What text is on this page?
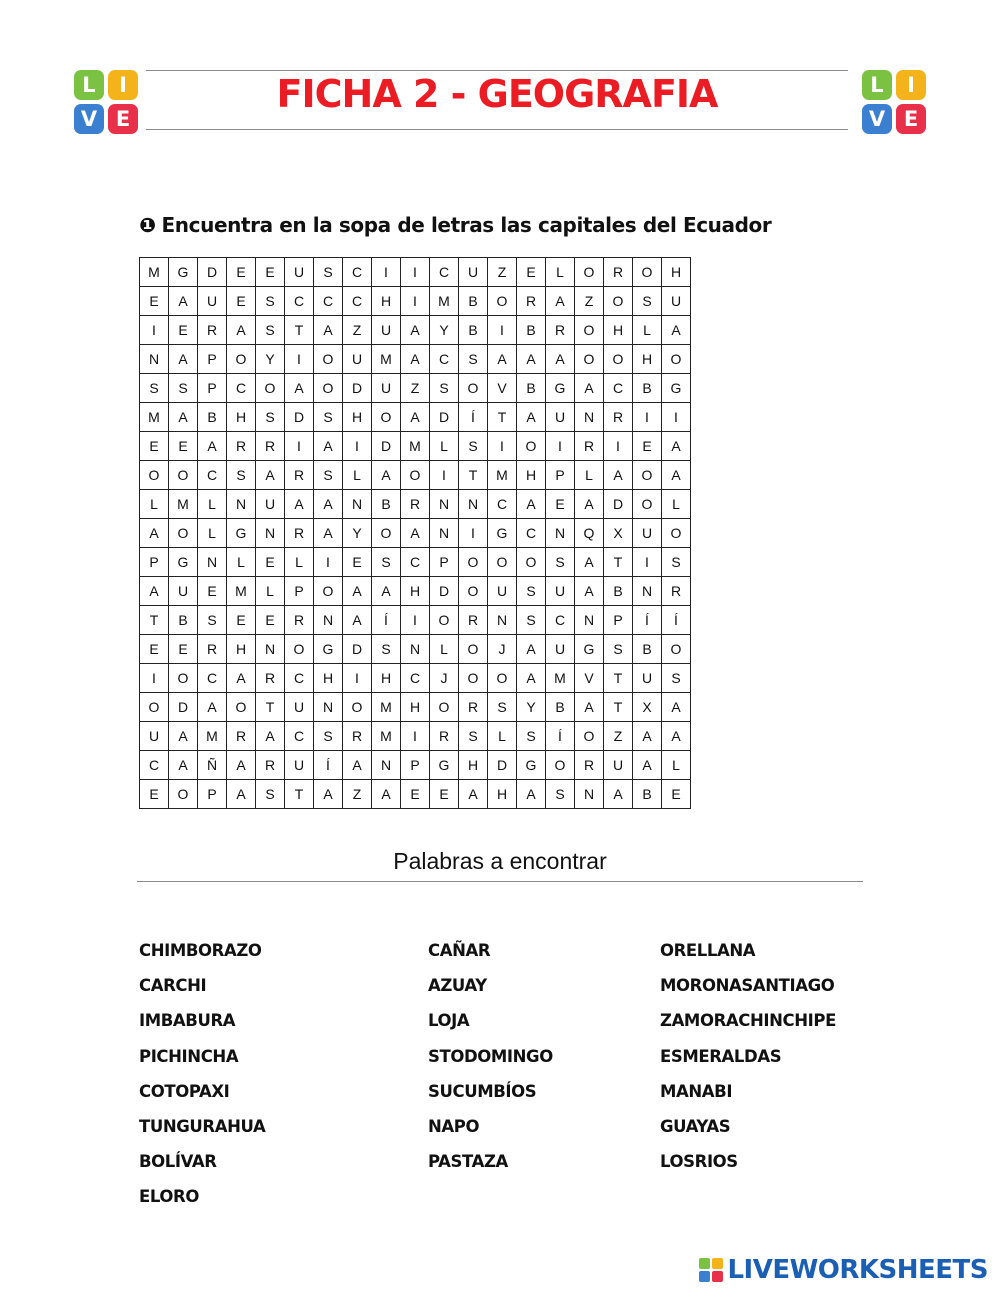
L	I
V E
L	I
V E
FICHA 2 - GEOGRAFIA
❶ Encuentra en la sopa de letras las capitales del Ecuador
M	G	D	E	E	U	S	C	I	I	C	U	Z	E	L	O	R	O	H
E	A	U	E	S	C	C	C	H	I	M	B	O	R	A	Z	O	S	U
I	E	R	A	S	T	A	Z	U	A	Y	B	I	B	R	O	H	L	A
N	A	P	O	Y	I	O	U	M	A	C	S	A	A	A	O	O	H	O
S	S	P	C	O	A	O	D	U	Z	S	O	V	B	G	A	C	B	G
M	A	B	H	S	D	S	H	O	A	D	Í	T	A	U	N	R	I	I
E	E	A	R	R	I	A	I	D	M	L	S	I	O	I	R	I	E	A
O	O	C	S	A	R	S	L	A	O	I	T	M	H	P	L	A	O	A
L	M	L	N	U	A	A	N	B	R	N	N	C	A	E	A	D	O	L
A	O	L	G	N	R	A	Y	O	A	N	I	G	C	N	Q	X	U	O
P	G	N	L	E	L	I	E	S	C	P	O	O	O	S	A	T	I	S
A	U	E	M	L	P	O	A	A	H	D	O	U	S	U	A	B	N	R
T	B	S	E	E	R	N	A	Í	I	O	R	N	S	C	N	P	Í	Í
E	E	R	H	N	O	G	D	S	N	L	O	J	A	U	G	S	B	O
I	O	C	A	R	C	H	I	H	C	J	O	O	A	M	V	T	U	S
O	D	A	O	T	U	N	O	M	H	O	R	S	Y	B	A	T	X	A
U	A	M	R	A	C	S	R	M	I	R	S	L	S	Í	O	Z	A	A
C	A	Ñ	A	R	U	Í	A	N	P	G	H	D	G	O	R	U	A	L
E	O	P	A	S	T	A	Z	A	E	E	A	H	A	S	N	A	B	E
Palabras a encontrar
CHIMBORAZO
CARCHI
IMBABURA
PICHINCHA
COTOPAXI
TUNGURAHUA
BOLÍVAR
ELORO
CAÑAR
AZUAY
LOJA
STODOMINGO
SUCUMBÍOS
NAPO
PASTAZA
ORELLANA
MORONASANTIAGO
ZAMORACHINCHIPE
ESMERALDAS
MANABI
GUAYAS
LOSRIOS
LIVEWORKSHEETS
